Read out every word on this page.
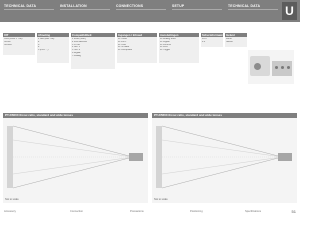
TECHNICAL DATA	INSTALLATION	CONNECTIONS	SETUP	TECHNICAL DATA U
UIT
XGA (1024 × 768)
SXGA
SXGA+
Afmeting
1 Nilo (kab. Vie)
2
3
4
5 (Lcd: ...)
Compatibiliteit
1 RGB (max.)
2 PAL/SECAM
3 NTSC
4 SDTV
5 HDTV
6 Digital
7 Analog
Ingangen / Inhoud
1x HDMI
1x DVI-I
1x VGA
1x S-Video
1x Composite
Aansluitingen
1x Analog RGB
1x Digital
1x RS-232
1x LAN
1x Trigger
Schermformaat
16:9
4:3
Geluid
Mono
Stereo
PT-D6000 throw ratio, standard and wide lenses
Not to scale
PT-D5600 throw ratio, standard and wide lenses
Not to scale
Accessory	Connection	Precautions	Positioning	Specifications	51
